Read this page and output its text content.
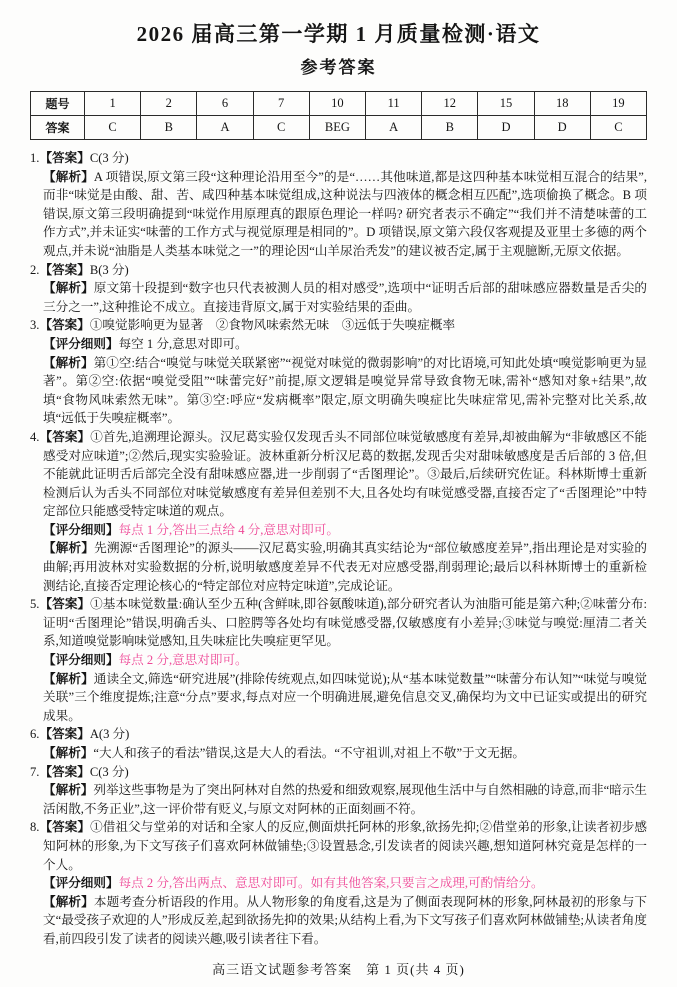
2026 届高三第一学期 1 月质量检测·语文
参考答案
题号	1	2	6	7	10	11	12	15	18	19
答案	C	B	A	C	BEG	A	B	D	D	C

1.【答案】C(3 分)

【解析】A 项错误,原文第三段“这种理论沿用至今”的是“……其他味道,都是这四种基本味觉相互混合的结果”,而非“味觉是由酸、甜、苦、咸四种基本味觉组成,这种说法与四液体的概念相互匹配”,选项偷换了概念。B 项错误,原文第三段明确提到“味觉作用原理真的跟原色理论一样吗? 研究者表示不确定”“我们并不清楚味蕾的工作方式”,并未证实“味蕾的工作方式与视觉原理是相同的”。D 项错误,原文第六段仅客观提及亚里士多德的两个观点,并未说“油脂是人类基本味觉之一”的理论因“山羊尿治秃发”的建议被否定,属于主观臆断,无原文依据。

2.【答案】B(3 分)

【解析】原文第十段提到“数字也只代表被测人员的相对感受”,选项中“证明舌后部的甜味感应器数量是舌尖的三分之一”,这种推论不成立。直接违背原文,属于对实验结果的歪曲。

3.【答案】①嗅觉影响更为显著　②食物风味索然无味　③远低于失嗅症概率

【评分细则】每空 1 分,意思对即可。

【解析】第①空:结合“嗅觉与味觉关联紧密”“视觉对味觉的微弱影响”的对比语境,可知此处填“嗅觉影响更为显著”。第②空:依据“嗅觉受阻”“味蕾完好”前提,原文逻辑是嗅觉异常导致食物无味,需补“感知对象+结果”,故填“食物风味索然无味”。第③空:呼应“发病概率”限定,原文明确失嗅症比失味症常见,需补完整对比关系,故填“远低于失嗅症概率”。

4.【答案】①首先,追溯理论源头。汉尼葛实验仅发现舌头不同部位味觉敏感度有差异,却被曲解为“非敏感区不能感受对应味道”;②然后,现实实验验证。波林重新分析汉尼葛的数据,发现舌尖对甜味敏感度是舌后部的 3 倍,但不能就此证明舌后部完全没有甜味感应器,进一步削弱了“舌图理论”。③最后,后续研究佐证。科林斯博士重新检测后认为舌头不同部位对味觉敏感度有差异但差别不大,且各处均有味觉感受器,直接否定了“舌图理论”中特定部位只能感受特定味道的观点。

【评分细则】每点 1 分,答出三点给 4 分,意思对即可。

【解析】先溯源“舌图理论”的源头——汉尼葛实验,明确其真实结论为“部位敏感度差异”,指出理论是对实验的曲解;再用波林对实验数据的分析,说明敏感度差异不代表无对应感受器,削弱理论;最后以科林斯博士的重新检测结论,直接否定理论核心的“特定部位对应特定味道”,完成论证。

5.【答案】①基本味觉数量:确认至少五种(含鲜味,即谷氨酸味道),部分研究者认为油脂可能是第六种;②味蕾分布:证明“舌图理论”错误,明确舌头、口腔腭等各处均有味觉感受器,仅敏感度有小差异;③味觉与嗅觉:厘清二者关系,知道嗅觉影响味觉感知,且失味症比失嗅症更罕见。

【评分细则】每点 2 分,意思对即可。

【解析】通读全文,筛选“研究进展”(排除传统观点,如四味觉说);从“基本味觉数量”“味蕾分布认知”“味觉与嗅觉关联”三个维度提炼;注意“分点”要求,每点对应一个明确进展,避免信息交叉,确保均为文中已证实或提出的研究成果。

6.【答案】A(3 分)

【解析】“大人和孩子的看法”错误,这是大人的看法。“不守祖训,对祖上不敬”于文无据。

7.【答案】C(3 分)

【解析】列举这些事物是为了突出阿林对自然的热爱和细致观察,展现他生活中与自然相融的诗意,而非“暗示生活闲散,不务正业”,这一评价带有贬义,与原文对阿林的正面刻画不符。

8.【答案】①借祖父与堂弟的对话和全家人的反应,侧面烘托阿林的形象,欲扬先抑;②借堂弟的形象,让读者初步感知阿林的形象,为下文写孩子们喜欢阿林做铺垫;③设置悬念,引发读者的阅读兴趣,想知道阿林究竟是怎样的一个人。

【评分细则】每点 2 分,答出两点、意思对即可。如有其他答案,只要言之成理,可酌情给分。

【解析】本题考查分析语段的作用。从人物形象的角度看,这是为了侧面表现阿林的形象,阿林最初的形象与下文“最受孩子欢迎的人”形成反差,起到欲扬先抑的效果;从结构上看,为下文写孩子们喜欢阿林做铺垫;从读者角度看,前四段引发了读者的阅读兴趣,吸引读者往下看。

高三语文试题参考答案　第 1 页(共 4 页)
